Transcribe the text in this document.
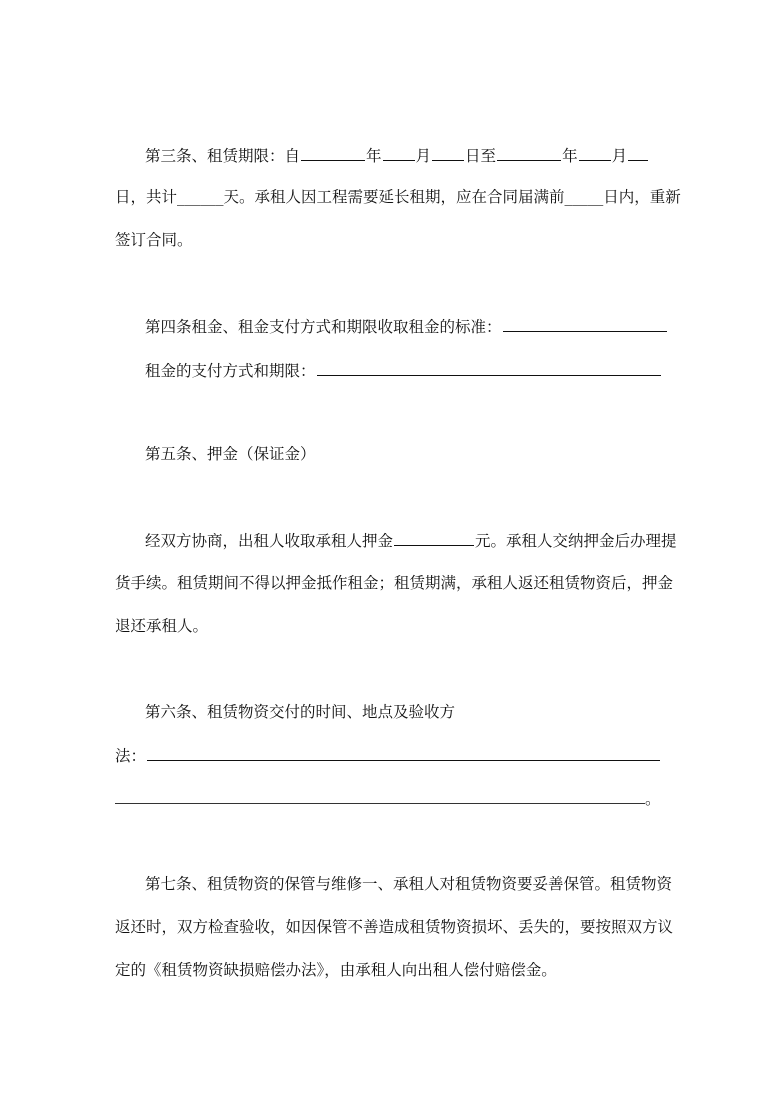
第三条、租赁期限：自	年 月 日至	年 月
日，共计______天。承租人因工程需要延长租期，应在合同届满前_____日内，重新
签订合同。
第四条租金、租金支付方式和期限收取租金的标准：
租金的支付方式和期限：
第五条、押金（保证金）
经双方协商，出租人收取承租人押金	元。承租人交纳押金后办理提
货手续。租赁期间不得以押金抵作租金；租赁期满，承租人返还租赁物资后，押金
退还承租人。
第六条、租赁物资交付的时间、地点及验收方
法：
。
第七条、租赁物资的保管与维修一、承租人对租赁物资要妥善保管。租赁物资
返还时，双方检查验收，如因保管不善造成租赁物资损坏、丢失的，要按照双方议
定的《租赁物资缺损赔偿办法》，由承租人向出租人偿付赔偿金。
